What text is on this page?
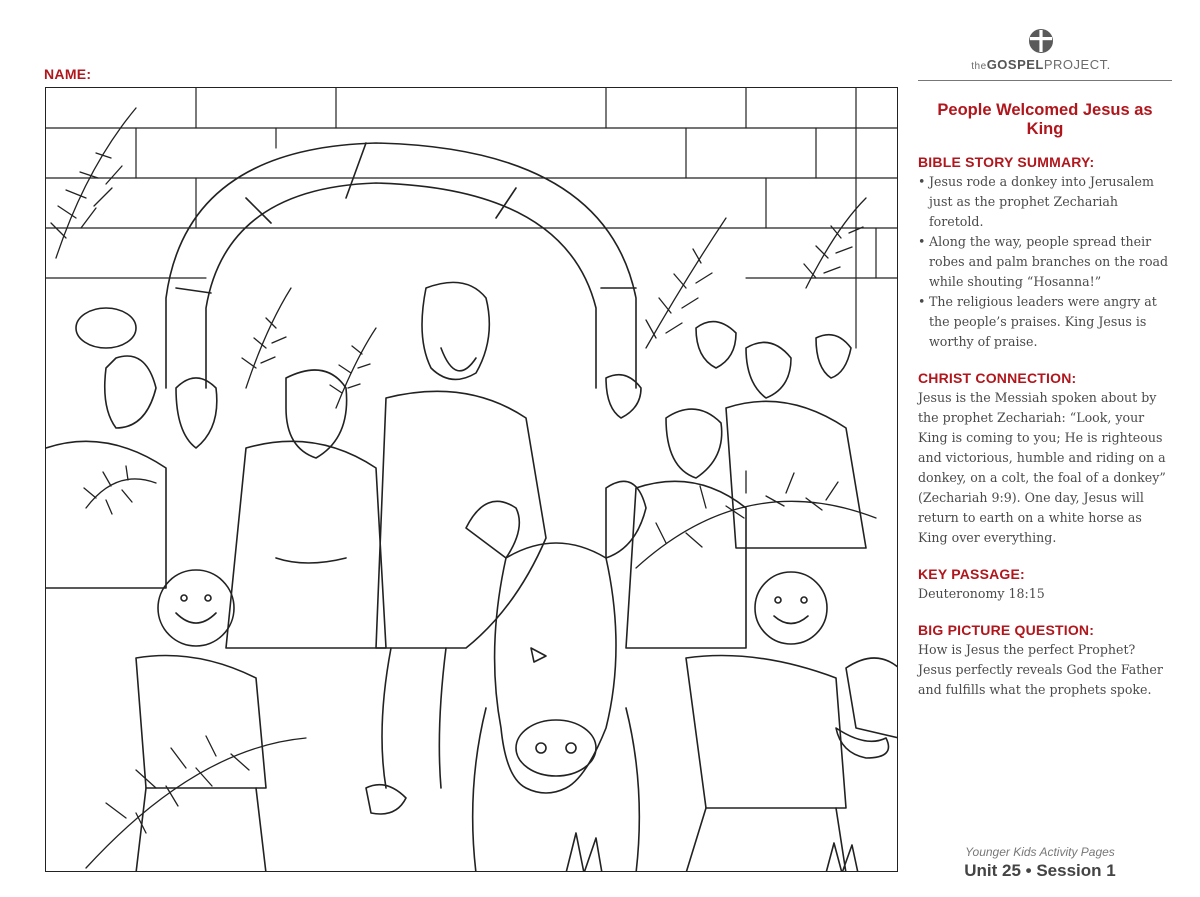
NAME:	theGOSPELPROJECT.
People Welcomed Jesus as King
BIBLE STORY SUMMARY:
• Jesus rode a donkey into Jerusalem just as the prophet Zechariah foretold.
• Along the way, people spread their robes and palm branches on the road while shouting “Hosanna!”
• The religious leaders were angry at the people’s praises. King Jesus is worthy of praise.
CHRIST CONNECTION:
Jesus is the Messiah spoken about by the prophet Zechariah: “Look, your King is coming to you; He is righteous and victorious, humble and riding on a donkey, on a colt, the foal of a donkey” (Zechariah 9:9). One day, Jesus will return to earth on a white horse as King over everything.
KEY PASSAGE:
Deuteronomy 18:15
BIG PICTURE QUESTION:
How is Jesus the perfect Prophet? Jesus perfectly reveals God the Father and fulfills what the prophets spoke.
Younger Kids Activity Pages
Unit 25 • Session 1
